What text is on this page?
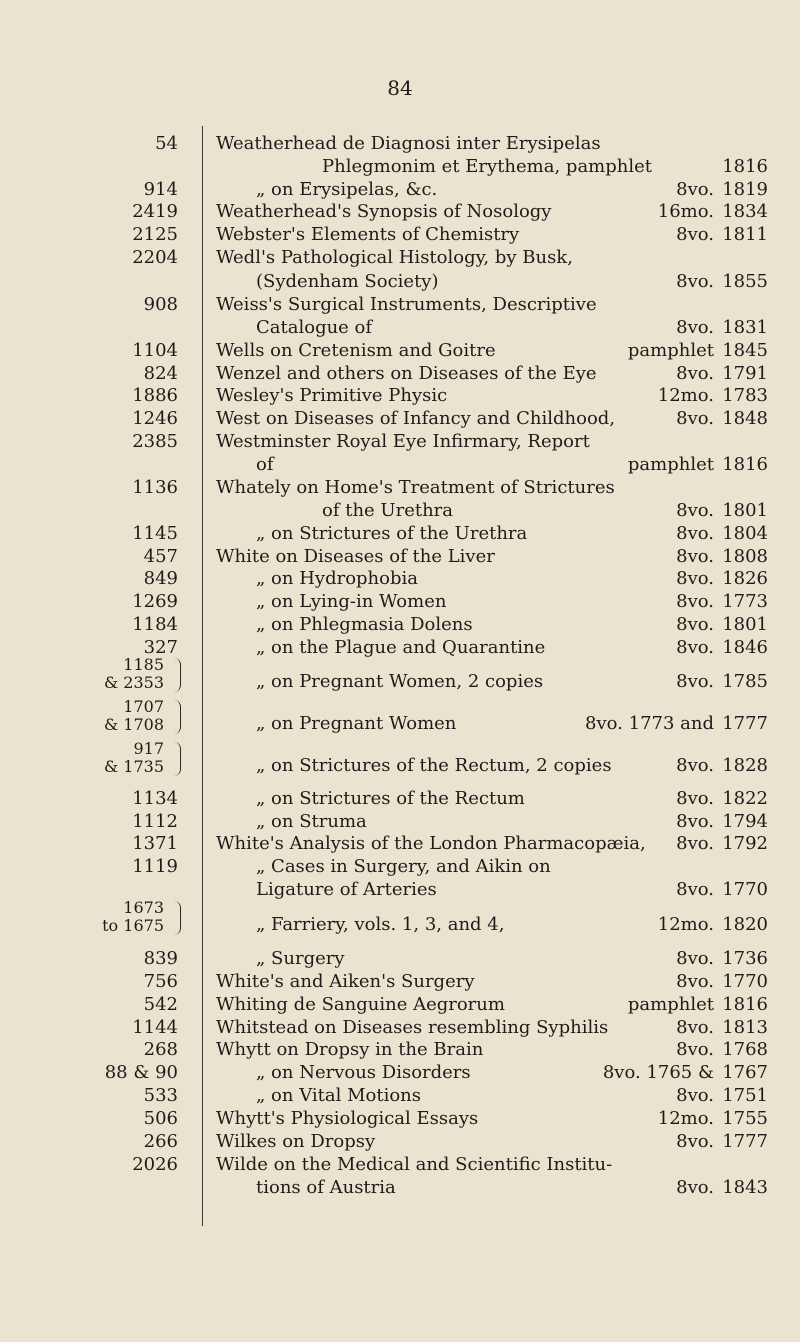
84
54 Weatherhead de Diagnosi inter Erysipelas
Phlegmonim et Erythema, pamphlet	1816
914	„ on Erysipelas, &c.	8vo. 1819
2419 Weatherhead's Synopsis of Nosology	16mo. 1834
2125 Webster's Elements of Chemistry	8vo. 1811
2204 Wedl's Pathological Histology, by Busk,
(Sydenham Society)	8vo. 1855
908 Weiss's Surgical Instruments, Descriptive
Catalogue of	8vo. 1831
1104 Wells on Cretenism and Goitre	pamphlet 1845
824 Wenzel and others on Diseases of the Eye	8vo. 1791
1886 Wesley's Primitive Physic	12mo. 1783
1246 West on Diseases of Infancy and Childhood,	8vo. 1848
2385 Westminster Royal Eye Infirmary, Report
of	pamphlet 1816
1136 Whately on Home's Treatment of Strictures
of the Urethra	8vo. 1801
1145	„ on Strictures of the Urethra	8vo. 1804
457 White on Diseases of the Liver	8vo. 1808
849	„ on Hydrophobia	8vo. 1826
1269	„ on Lying-in Women	8vo. 1773
1184	„ on Phlegmasia Dolens	8vo. 1801
327	„ on the Plague and Quarantine	8vo. 1846
1185
& 2353	„ on Pregnant Women, 2 copies	8vo. 1785
1707
& 1708	„ on Pregnant Women	8vo. 1773 and 1777
917
& 1735	„ on Strictures of the Rectum, 2 copies	8vo. 1828
1134	„ on Strictures of the Rectum	8vo. 1822
1112	„ on Struma	8vo. 1794
1371 White's Analysis of the London Pharmacopæia, 8vo. 1792
1119	„ Cases in Surgery, and Aikin on
Ligature of Arteries	8vo. 1770
1673
to 1675	„ Farriery, vols. 1, 3, and 4,	12mo. 1820
839	„ Surgery	8vo. 1736
756 White's and Aiken's Surgery	8vo. 1770
542 Whiting de Sanguine Aegrorum	pamphlet 1816
1144 Whitstead on Diseases resembling Syphilis	8vo. 1813
268 Whytt on Dropsy in the Brain	8vo. 1768
88 & 90	„ on Nervous Disorders	8vo. 1765 & 1767
533	„ on Vital Motions	8vo. 1751
506 Whytt's Physiological Essays	12mo. 1755
266 Wilkes on Dropsy	8vo. 1777
2026 Wilde on the Medical and Scientific Institu-
tions of Austria	8vo. 1843
